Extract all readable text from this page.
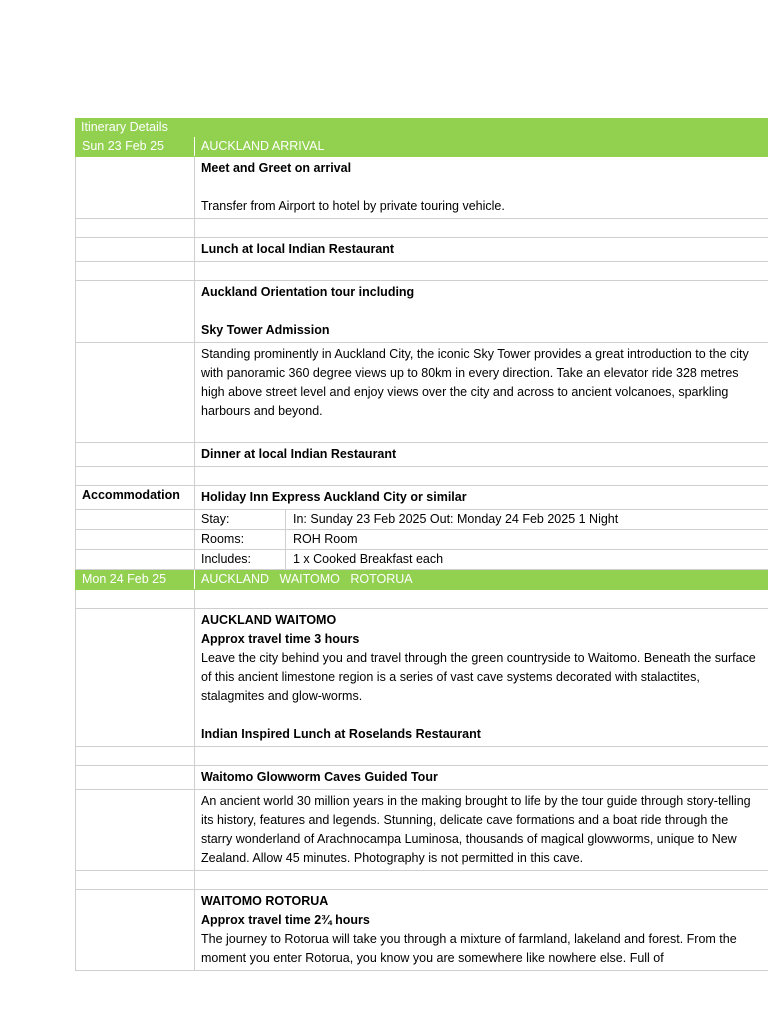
Itinerary Details
Sun 23 Feb 25	AUCKLAND ARRIVAL
Meet and Greet on arrival
Transfer from Airport to hotel by private touring vehicle.
Lunch at local Indian Restaurant
Auckland Orientation tour including
Sky Tower Admission
Standing prominently in Auckland City, the iconic Sky Tower provides a great introduction to the city with panoramic 360 degree views up to 80km in every direction. Take an elevator ride 328 metres high above street level and enjoy views over the city and across to ancient volcanoes, sparkling harbours and beyond.
Dinner at local Indian Restaurant
Accommodation	Holiday Inn Express Auckland City or similar
Stay:	In: Sunday 23 Feb 2025 Out: Monday 24 Feb 2025 1 Night
Rooms:	ROH Room
Includes:	1 x Cooked Breakfast each
Mon 24 Feb 25	AUCKLAND   WAITOMO   ROTORUA
AUCKLAND WAITOMO
Approx travel time 3 hours
Leave the city behind you and travel through the green countryside to Waitomo. Beneath the surface of this ancient limestone region is a series of vast cave systems decorated with stalactites, stalagmites and glow-worms.
Indian Inspired Lunch at Roselands Restaurant
Waitomo Glowworm Caves Guided Tour
An ancient world 30 million years in the making brought to life by the tour guide through story-telling its history, features and legends. Stunning, delicate cave formations and a boat ride through the starry wonderland of Arachnocampa Luminosa, thousands of magical glowworms, unique to New Zealand. Allow 45 minutes. Photography is not permitted in this cave.
WAITOMO ROTORUA
Approx travel time 2¾ hours
The journey to Rotorua will take you through a mixture of farmland, lakeland and forest. From the moment you enter Rotorua, you know you are somewhere like nowhere else. Full of
